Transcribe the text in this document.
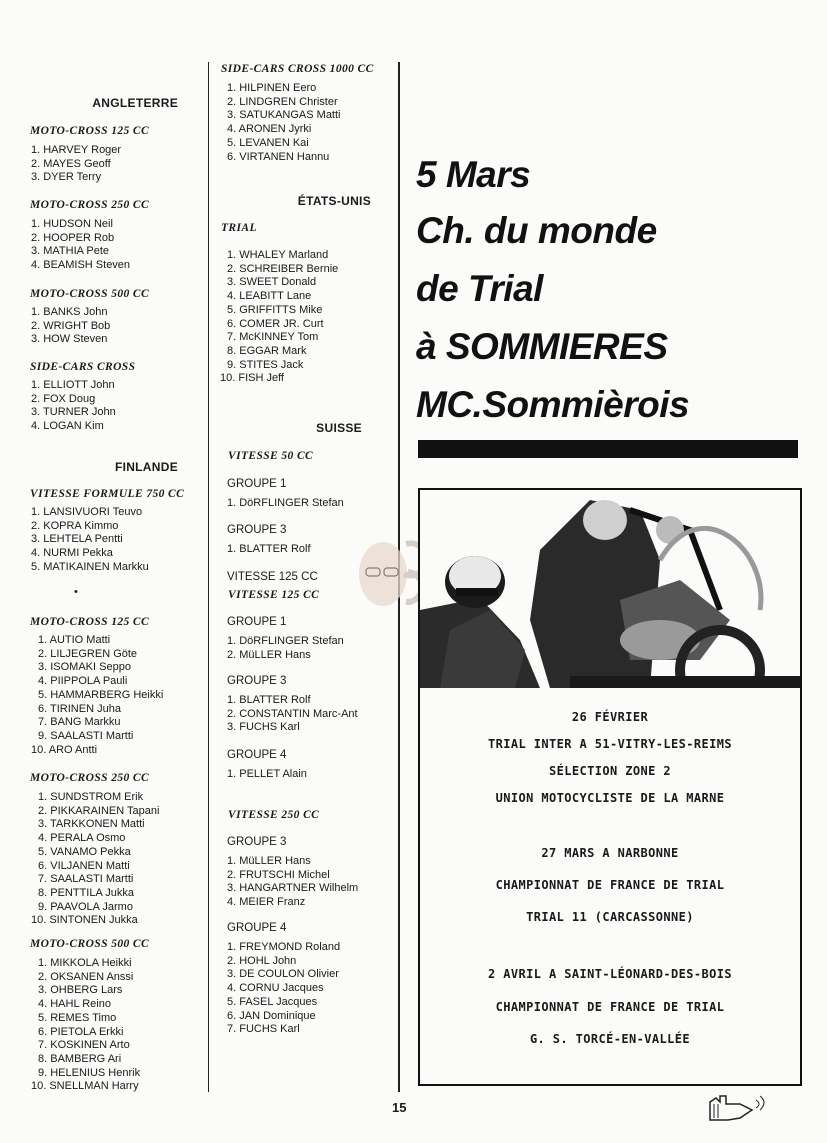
ANGLETERRE
MOTO-CROSS 125 CC
1. HARVEY Roger
2. MAYES Geoff
3. DYER Terry
MOTO-CROSS 250 CC
1. HUDSON Neil
2. HOOPER Rob
3. MATHIA Pete
4. BEAMISH Steven
MOTO-CROSS 500 CC
1. BANKS John
2. WRIGHT Bob
3. HOW Steven
SIDE-CARS CROSS
1. ELLIOTT John
2. FOX Doug
3. TURNER John
4. LOGAN Kim
FINLANDE
VITESSE FORMULE 750 CC
1. LANSIVUORI Teuvo
2. KOPRA Kimmo
3. LEHTELA Pentti
4. NURMI Pekka
5. MATIKAINEN Markku
•
MOTO-CROSS 125 CC
1. AUTIO Matti
2. LILJEGREN Göte
3. ISOMAKI Seppo
4. PIIPPOLA Pauli
5. HAMMARBERG Heikki
6. TIRINEN Juha
7. BANG Markku
9. SAALASTI Martti
10. ARO Antti
MOTO-CROSS 250 CC
1. SUNDSTROM Erik
2. PIKKARAINEN Tapani
3. TARKKONEN Matti
4. PERALA Osmo
5. VANAMO Pekka
6. VILJANEN Matti
7. SAALASTI Martti
8. PENTTILA Jukka
9. PAAVOLA Jarmo
10. SINTONEN Jukka
MOTO-CROSS 500 CC
1. MIKKOLA Heikki
2. OKSANEN Anssi
3. OHBERG Lars
4. HAHL Reino
5. REMES Timo
6. PIETOLA Erkki
7. KOSKINEN Arto
8. BAMBERG Ari
9. HELENIUS Henrik
10. SNELLMAN Harry
SIDE-CARS CROSS 1000 CC
1. HILPINEN Eero
2. LINDGREN Christer
3. SATUKANGAS Matti
4. ARONEN Jyrki
5. LEVANEN Kai
6. VIRTANEN Hannu
ÉTATS-UNIS
TRIAL
1. WHALEY Marland
2. SCHREIBER Bernie
3. SWEET Donald
4. LEABITT Lane
5. GRIFFITTS Mike
6. COMER JR. Curt
7. McKINNEY Tom
8. EGGAR Mark
9. STITES Jack
10. FISH Jeff
SUISSE
VITESSE 50 CC
GROUPE 1
1. DöRFLINGER Stefan
GROUPE 3
1. BLATTER Rolf
VITESSE 125 CC
VITESSE 125 CC
GROUPE 1
1. DöRFLINGER Stefan
2. MüLLER Hans
GROUPE 3
1. BLATTER Rolf
2. CONSTANTIN Marc-Ant
3. FUCHS Karl
GROUPE 4
1. PELLET Alain
VITESSE 250 CC
GROUPE 3
1. MüLLER Hans
2. FRUTSCHI Michel
3. HANGARTNER Wilhelm
4. MEIER Franz
GROUPE 4
1. FREYMOND Roland
2. HOHL John
3. DE COULON Olivier
4. CORNU Jacques
5. FASEL Jacques
6. JAN Dominique
7. FUCHS Karl
5 Mars
Ch. du monde
de Trial
à SOMMIERES
MC.Sommièrois
26 FÉVRIER
TRIAL INTER A 51-VITRY-LES-REIMS
SÉLECTION ZONE 2
UNION MOTOCYCLISTE DE LA MARNE
27 MARS A NARBONNE
CHAMPIONNAT DE FRANCE DE TRIAL
TRIAL 11 (CARCASSONNE)
2 AVRIL A SAINT-LÉONARD-DES-BOIS
CHAMPIONNAT DE FRANCE DE TRIAL
G. S. TORCÉ-EN-VALLÉE
15
